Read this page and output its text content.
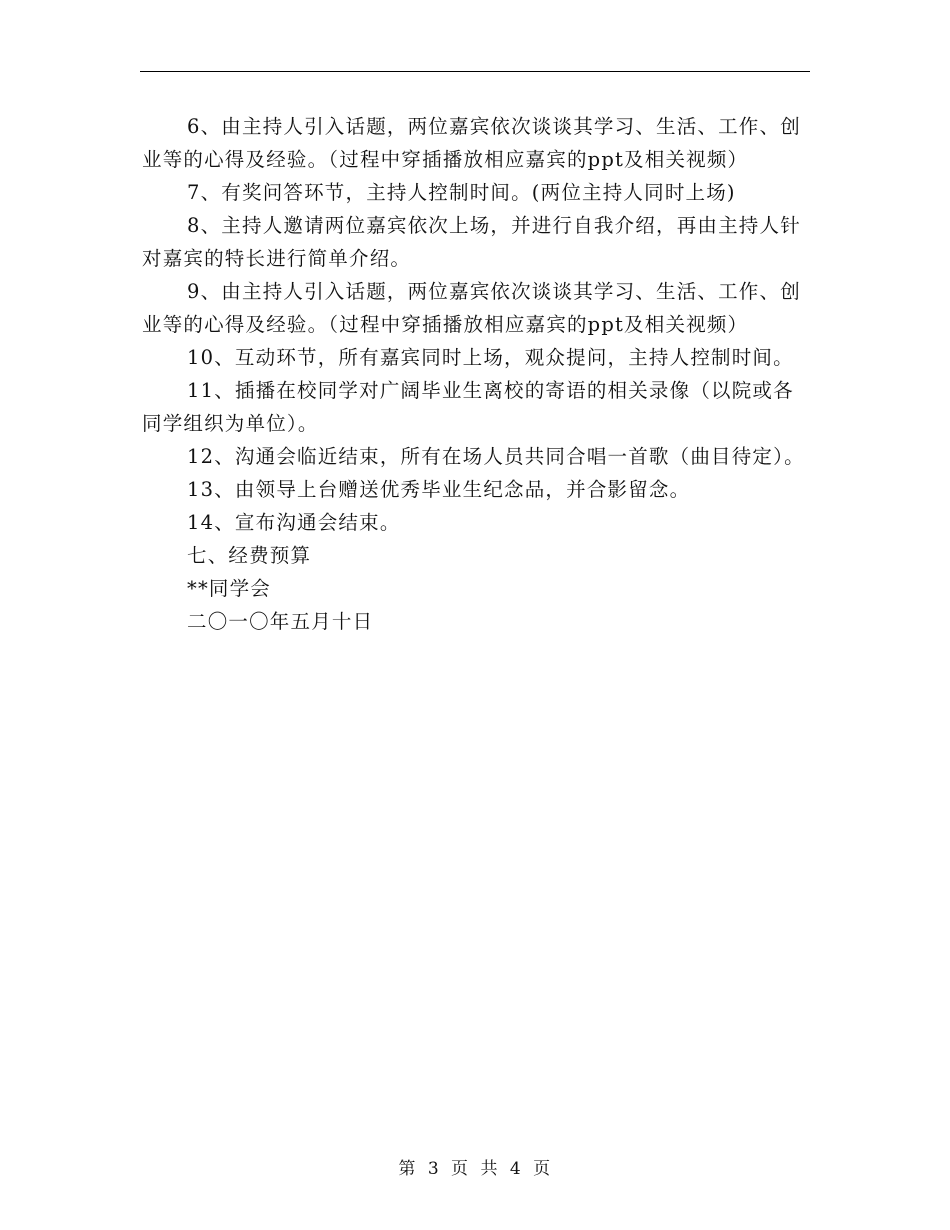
6、由主持人引入话题，两位嘉宾依次谈谈其学习、生活、工作、创业等的心得及经验。（过程中穿插播放相应嘉宾的ppt及相关视频）

7、有奖问答环节，主持人控制时间。(两位主持人同时上场)

8、主持人邀请两位嘉宾依次上场，并进行自我介绍，再由主持人针对嘉宾的特长进行简单介绍。

9、由主持人引入话题，两位嘉宾依次谈谈其学习、生活、工作、创业等的心得及经验。（过程中穿插播放相应嘉宾的ppt及相关视频）

10、互动环节，所有嘉宾同时上场，观众提问，主持人控制时间。

11、插播在校同学对广阔毕业生离校的寄语的相关录像（以院或各同学组织为单位）。

12、沟通会临近结束，所有在场人员共同合唱一首歌（曲目待定）。

13、由领导上台赠送优秀毕业生纪念品，并合影留念。

14、宣布沟通会结束。

七、经费预算

**同学会

二〇一〇年五月十日

第 3 页 共 4 页
